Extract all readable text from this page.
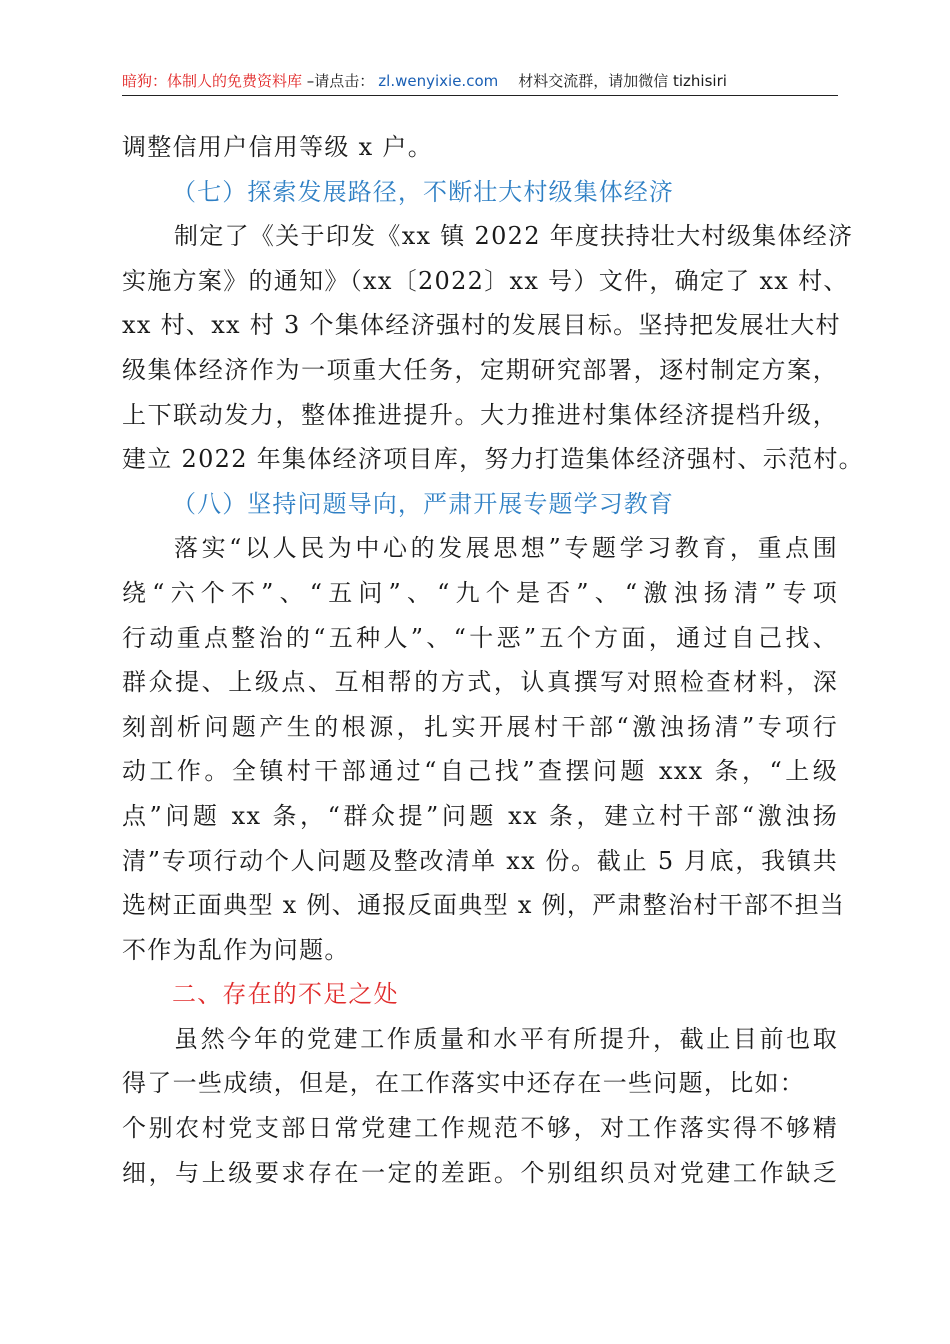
暗狗：体制人的免费资料库 –请点击： zl.wenyixie.com 材料交流群，请加微信 tizhisiri
调整信用户信用等级 x 户。
（七）探索发展路径，不断壮大村级集体经济
制定了《关于印发《xx 镇 2022 年度扶持壮大村级集体经济
实施方案》的通知》（xx〔2022〕xx 号）文件，确定了 xx 村、
xx 村、xx 村 3 个集体经济强村的发展目标。坚持把发展壮大村
级集体经济作为一项重大任务，定期研究部署，逐村制定方案，
上下联动发力，整体推进提升。大力推进村集体经济提档升级，
建立 2022 年集体经济项目库，努力打造集体经济强村、示范村。
（八）坚持问题导向，严肃开展专题学习教育
落实“以人民为中心的发展思想”专题学习教育，重点围
绕“六个不”、“五问”、“九个是否”、“激浊扬清”专项
行动重点整治的“五种人”、“十恶”五个方面，通过自己找、
群众提、上级点、互相帮的方式，认真撰写对照检查材料，深
刻剖析问题产生的根源，扎实开展村干部“激浊扬清”专项行
动工作。全镇村干部通过“自己找”查摆问题 xxx 条，“上级
点”问题 xx 条，“群众提”问题 xx 条，建立村干部“激浊扬
清”专项行动个人问题及整改清单 xx 份。截止 5 月底，我镇共
选树正面典型 x 例、通报反面典型 x 例，严肃整治村干部不担当
不作为乱作为问题。
二、存在的不足之处
虽然今年的党建工作质量和水平有所提升，截止目前也取
得了一些成绩，但是，在工作落实中还存在一些问题，比如：
个别农村党支部日常党建工作规范不够，对工作落实得不够精
细，与上级要求存在一定的差距。个别组织员对党建工作缺乏
